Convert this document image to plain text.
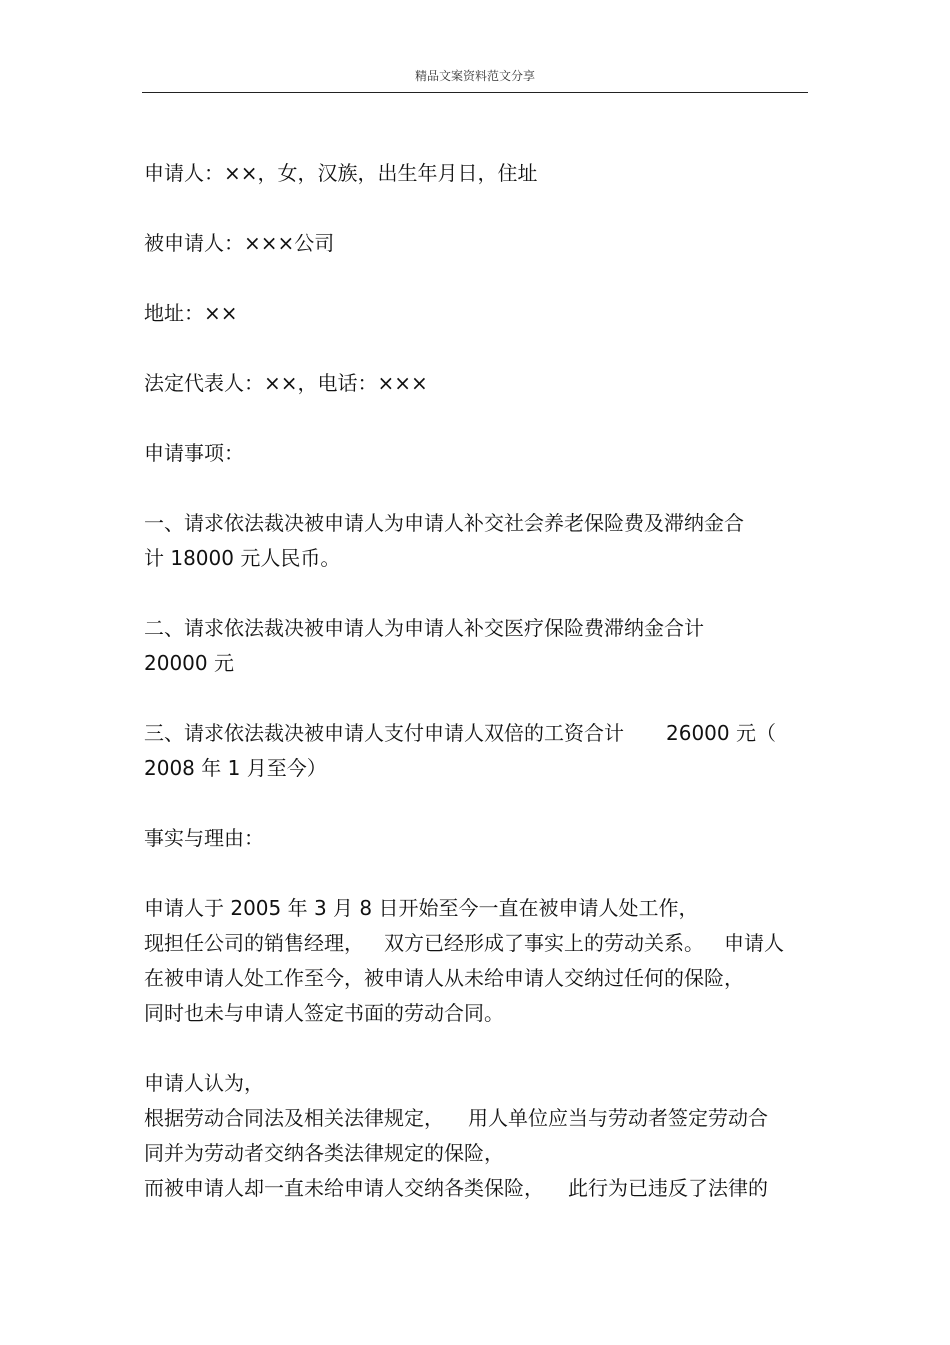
精品文案资料范文分享

申请人：××，女，汉族，出生年月日，住址

被申请人：×××公司

地址：××

法定代表人：××，电话：×××

申请事项：

一、请求依法裁决被申请人为申请人补交社会养老保险费及滞纳金合

计 18000 元人民币。

二、请求依法裁决被申请人为申请人补交医疗保险费滞纳金合计

20000 元

三、请求依法裁决被申请人支付申请人双倍的工资合计 26000 元（

2008 年 1 月至今）

事实与理由：

申请人于 2005 年 3 月 8 日开始至今一直在被申请人处工作，

现担任公司的销售经理， 双方已经形成了事实上的劳动关系。 申请人

在被申请人处工作至今，被申请人从未给申请人交纳过任何的保险，

同时也未与申请人签定书面的劳动合同。

申请人认为，

根据劳动合同法及相关法律规定， 用人单位应当与劳动者签定劳动合

同并为劳动者交纳各类法律规定的保险，

而被申请人却一直未给申请人交纳各类保险， 此行为已违反了法律的
